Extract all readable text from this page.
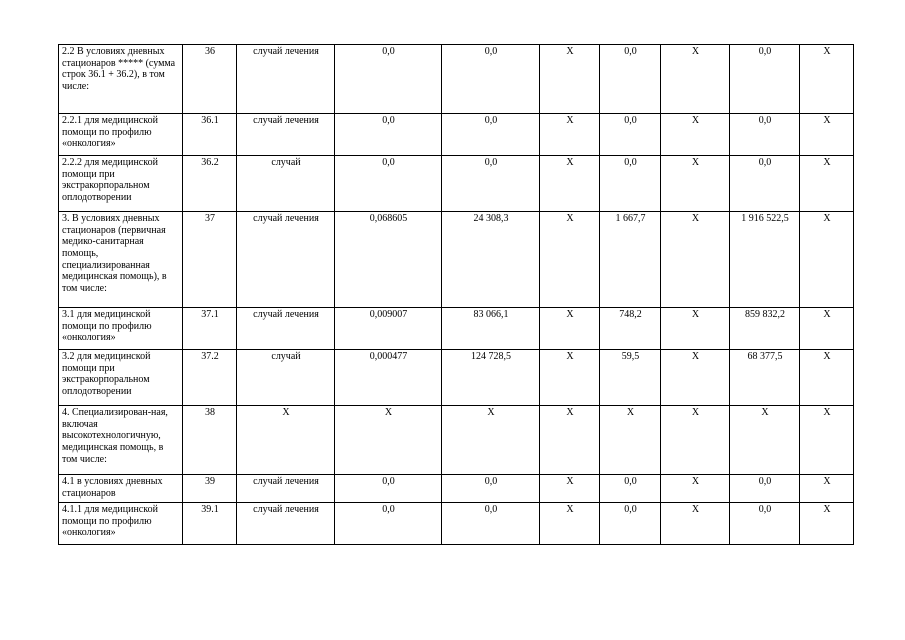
2.2 В условиях дневных стационаров ***** (сумма строк 36.1 + 36.2), в том числе:	36	случай лечения	0,0	0,0	X	0,0	X	0,0	X
2.2.1 для медицинской помощи по профилю «онкология»	36.1	случай лечения	0,0	0,0	X	0,0	X	0,0	X
2.2.2 для медицинской помощи при экстракорпоральном оплодотворении	36.2	случай	0,0	0,0	X	0,0	X	0,0	X
3. В условиях дневных стационаров (первичная медико-санитарная помощь, специализированная медицинская помощь), в том числе:	37	случай лечения	0,068605	24 308,3	X	1 667,7	X	1 916 522,5	X
3.1 для медицинской помощи по профилю «онкология»	37.1	случай лечения	0,009007	83 066,1	X	748,2	X	859 832,2	X
3.2 для медицинской помощи при экстракорпоральном оплодотворении	37.2	случай	0,000477	124 728,5	X	59,5	X	68 377,5	X
4. Специализирован-ная, включая высокотехнологичную, медицинская помощь, в том числе:	38	X	X	X	X	X	X	X	X
4.1 в условиях дневных стационаров	39	случай лечения	0,0	0,0	X	0,0	X	0,0	X
4.1.1 для медицинской помощи по профилю «онкология»	39.1	случай лечения	0,0	0,0	X	0,0	X	0,0	X
